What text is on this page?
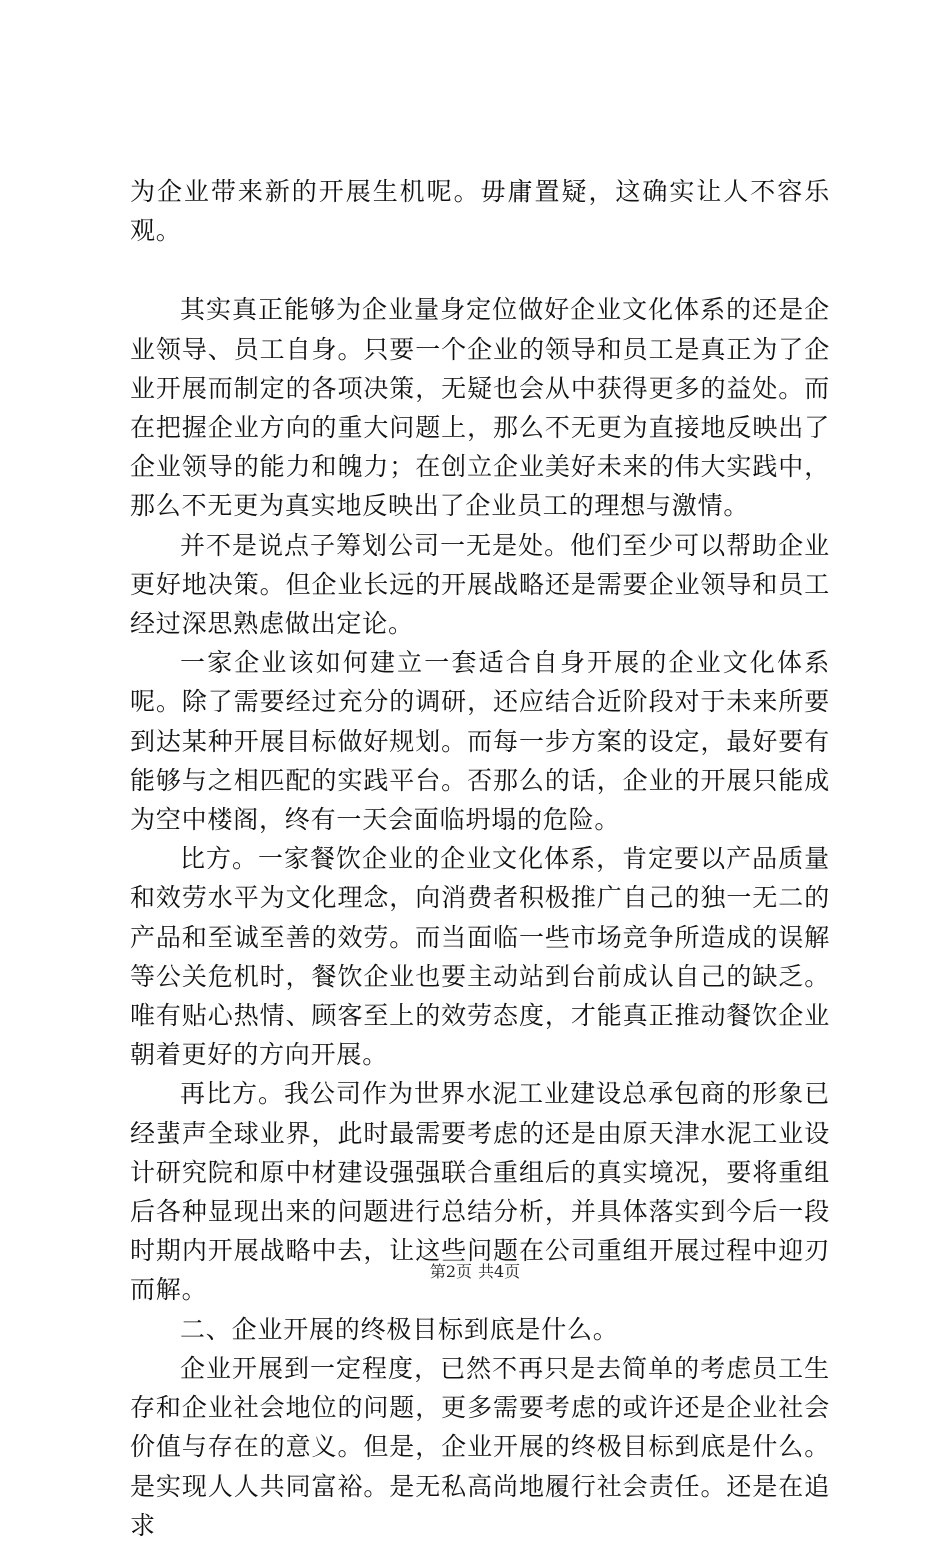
为企业带来新的开展生机呢。毋庸置疑，这确实让人不容乐观。

其实真正能够为企业量身定位做好企业文化体系的还是企业领导、员工自身。只要一个企业的领导和员工是真正为了企业开展而制定的各项决策，无疑也会从中获得更多的益处。而在把握企业方向的重大问题上，那么不无更为直接地反映出了企业领导的能力和魄力；在创立企业美好未来的伟大实践中，那么不无更为真实地反映出了企业员工的理想与激情。

并不是说点子筹划公司一无是处。他们至少可以帮助企业更好地决策。但企业长远的开展战略还是需要企业领导和员工经过深思熟虑做出定论。

一家企业该如何建立一套适合自身开展的企业文化体系呢。除了需要经过充分的调研，还应结合近阶段对于未来所要到达某种开展目标做好规划。而每一步方案的设定，最好要有能够与之相匹配的实践平台。否那么的话，企业的开展只能成为空中楼阁，终有一天会面临坍塌的危险。

比方。一家餐饮企业的企业文化体系，肯定要以产品质量和效劳水平为文化理念，向消费者积极推广自己的独一无二的产品和至诚至善的效劳。而当面临一些市场竞争所造成的误解等公关危机时，餐饮企业也要主动站到台前成认自己的缺乏。唯有贴心热情、顾客至上的效劳态度，才能真正推动餐饮企业朝着更好的方向开展。

再比方。我公司作为世界水泥工业建设总承包商的形象已经蜚声全球业界，此时最需要考虑的还是由原天津水泥工业设计研究院和原中材建设强强联合重组后的真实境况，要将重组后各种显现出来的问题进行总结分析，并具体落实到今后一段时期内开展战略中去，让这些问题在公司重组开展过程中迎刃而解。

二、企业开展的终极目标到底是什么。

企业开展到一定程度，已然不再只是去简单的考虑员工生存和企业社会地位的问题，更多需要考虑的或许还是企业社会价值与存在的意义。但是，企业开展的终极目标到底是什么。是实现人人共同富裕。是无私高尚地履行社会责任。还是在追求

第2页 共4页
